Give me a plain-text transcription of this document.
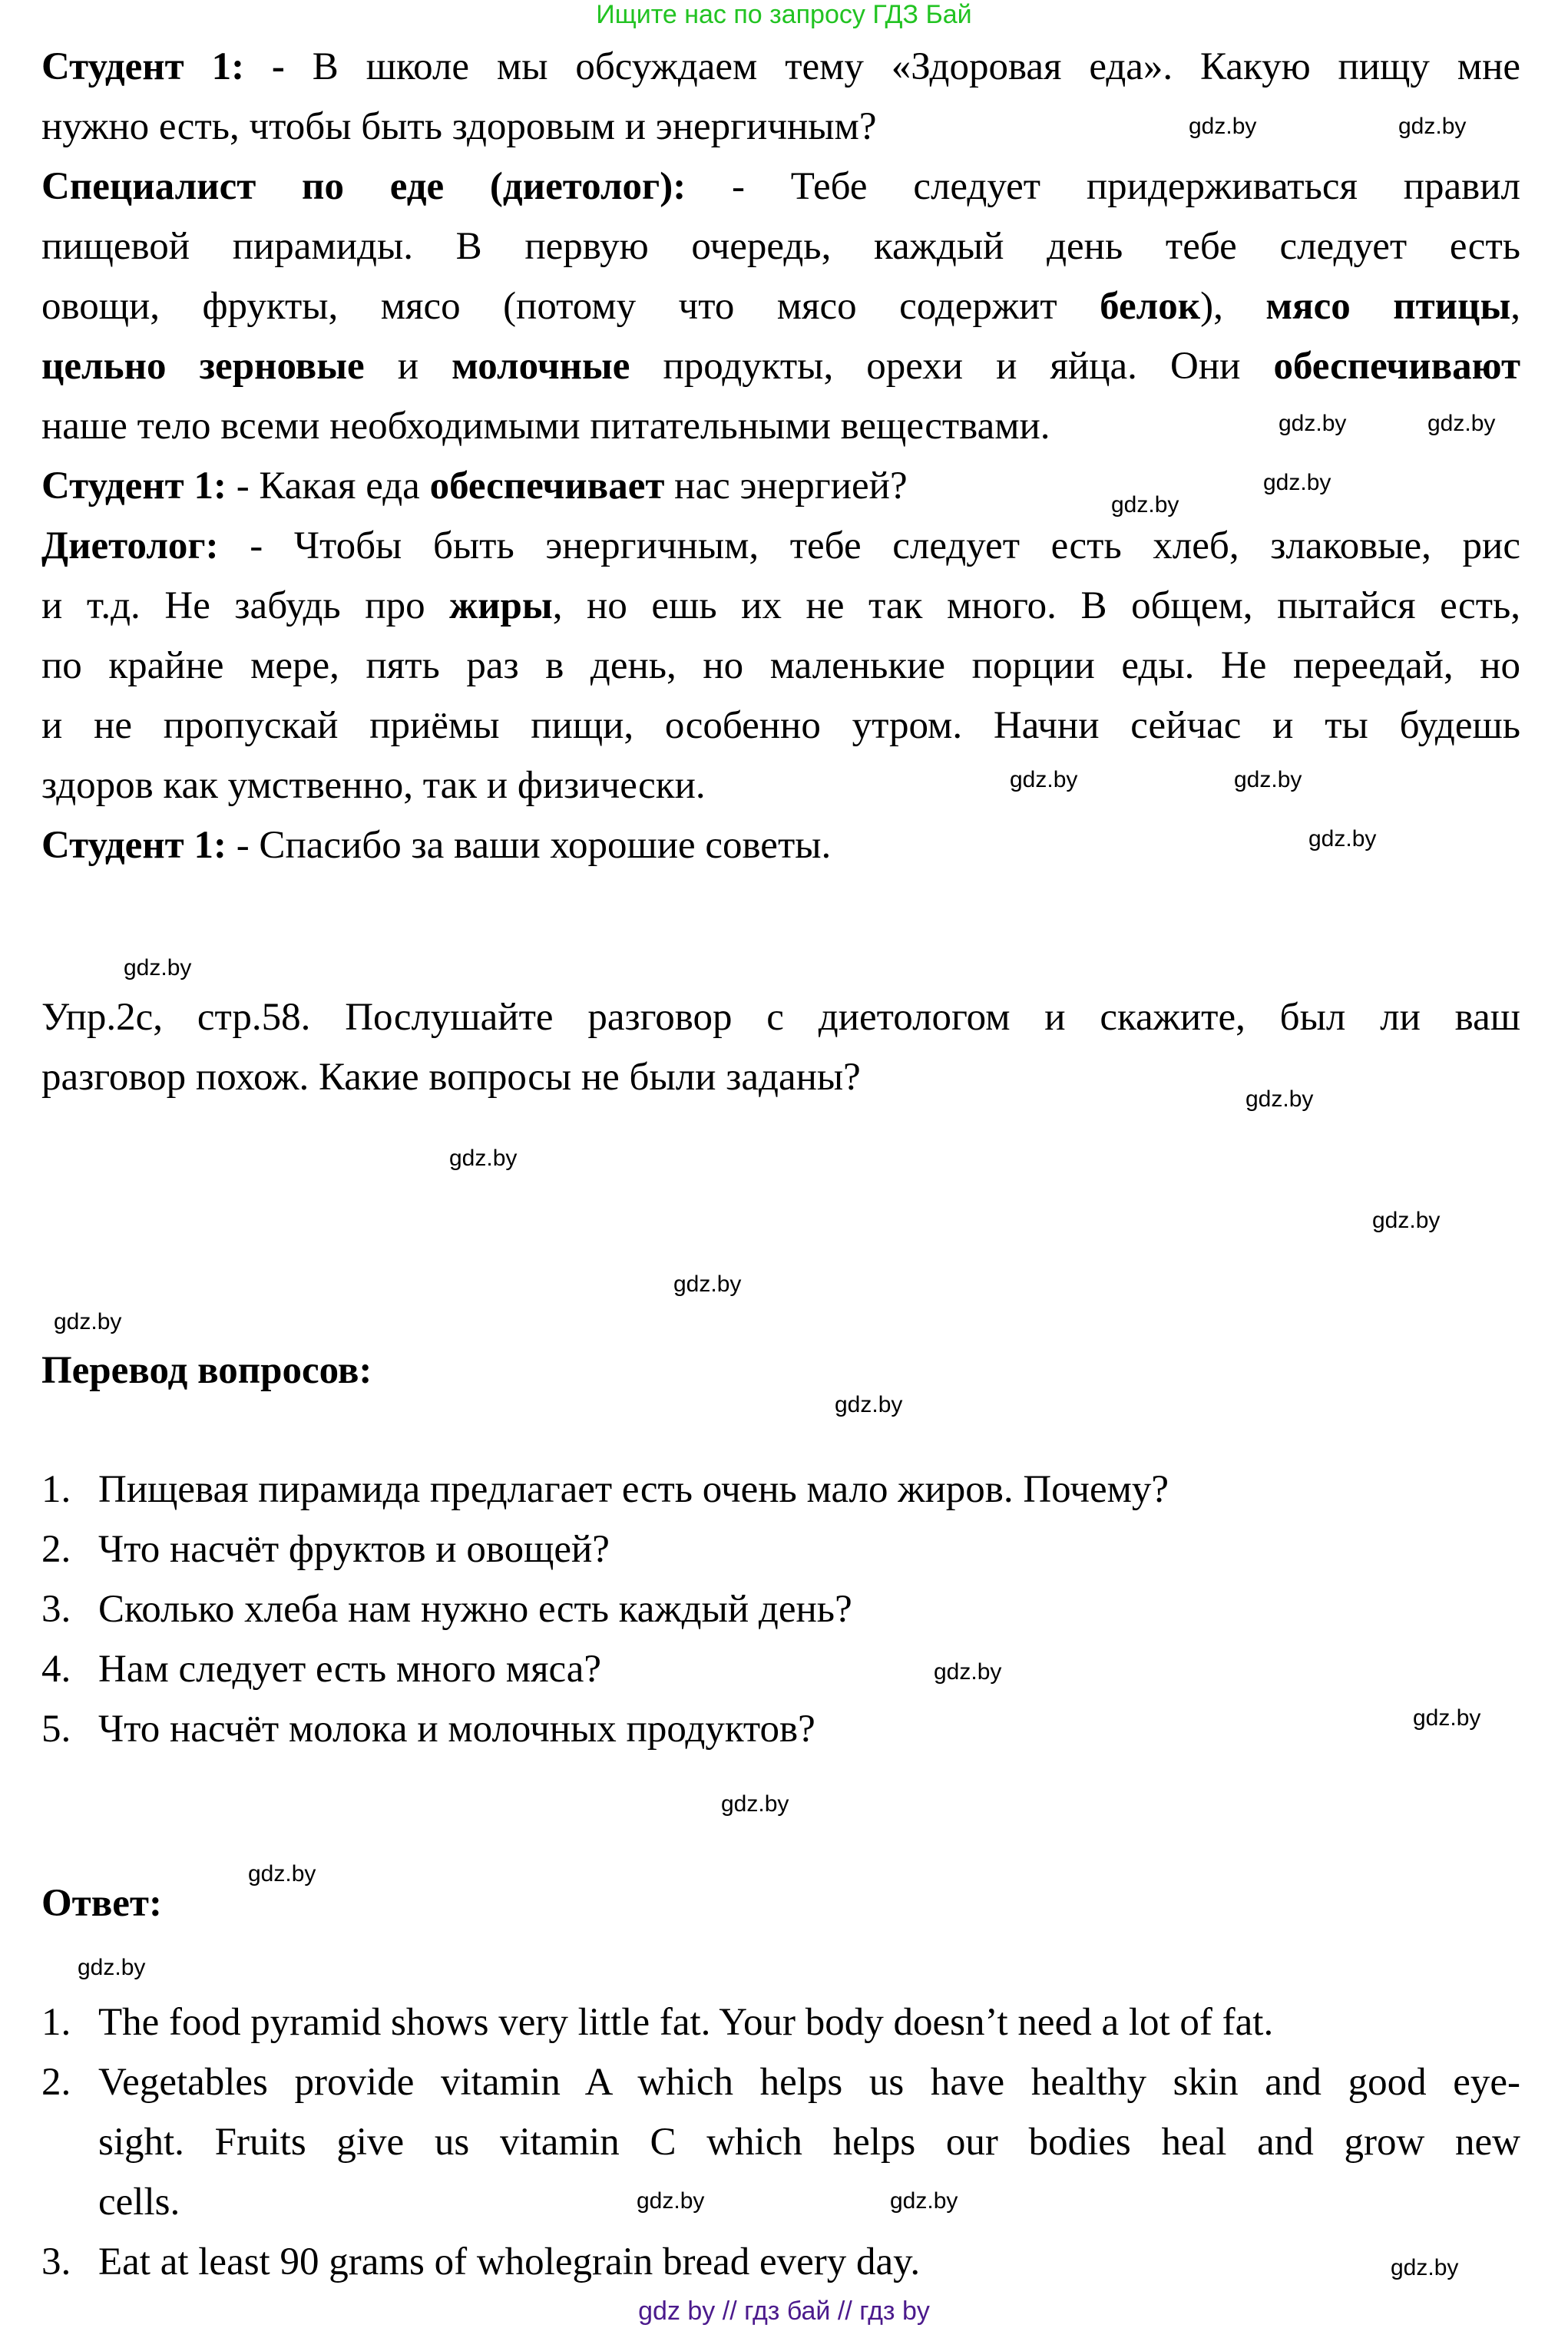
Ищите нас по запросу ГДЗ Бай
Студент 1: - В школе мы обсуждаем тему «Здоровая еда». Какую пищу мне
нужно есть, чтобы быть здоровым и энергичным?
Специалист по еде (диетолог): - Тебе следует придерживаться правил
пищевой пирамиды. В первую очередь, каждый день тебе следует есть
овощи, фрукты, мясо (потому что мясо содержит белок), мясо птицы,
цельно зерновые и молочные продукты, орехи и яйца. Они обеспечивают
наше тело всеми необходимыми питательными веществами.
Студент 1: - Какая еда обеспечивает нас энергией?
Диетолог: - Чтобы быть энергичным, тебе следует есть хлеб, злаковые, рис
и т.д. Не забудь про жиры, но ешь их не так много. В общем, пытайся есть,
по крайне мере, пять раз в день, но маленькие порции еды. Не переедай, но
и не пропускай приёмы пищи, особенно утром. Начни сейчас и ты будешь
здоров как умственно, так и физически.
Студент 1: - Спасибо за ваши хорошие советы.
Упр.2с, стр.58. Послушайте разговор с диетологом и скажите, был ли ваш
разговор похож. Какие вопросы не были заданы?
Перевод вопросов:
1. Пищевая пирамида предлагает есть очень мало жиров. Почему?
2. Что насчёт фруктов и овощей?
3. Сколько хлеба нам нужно есть каждый день?
4. Нам следует есть много мяса?
5. Что насчёт молока и молочных продуктов?
Ответ:
1. The food pyramid shows very little fat. Your body doesn’t need a lot of fat.
2. Vegetables provide vitamin A which helps us have healthy skin and good eye-
sight. Fruits give us vitamin C which helps our bodies heal and grow new
cells.
3. Eat at least 90 grams of wholegrain bread every day.
gdz.by	gdz.by
gdz.by	gdz.by
gdz.by
gdz.by
gdz.by	gdz.by
gdz.by
gdz.by
gdz.by
gdz.by
gdz.by
gdz.by
gdz.by
gdz.by
gdz.by
gdz.by
gdz.by
gdz.by
gdz.by
gdz.by	gdz.by
gdz.by
gdz by // гдз бай // гдз by
